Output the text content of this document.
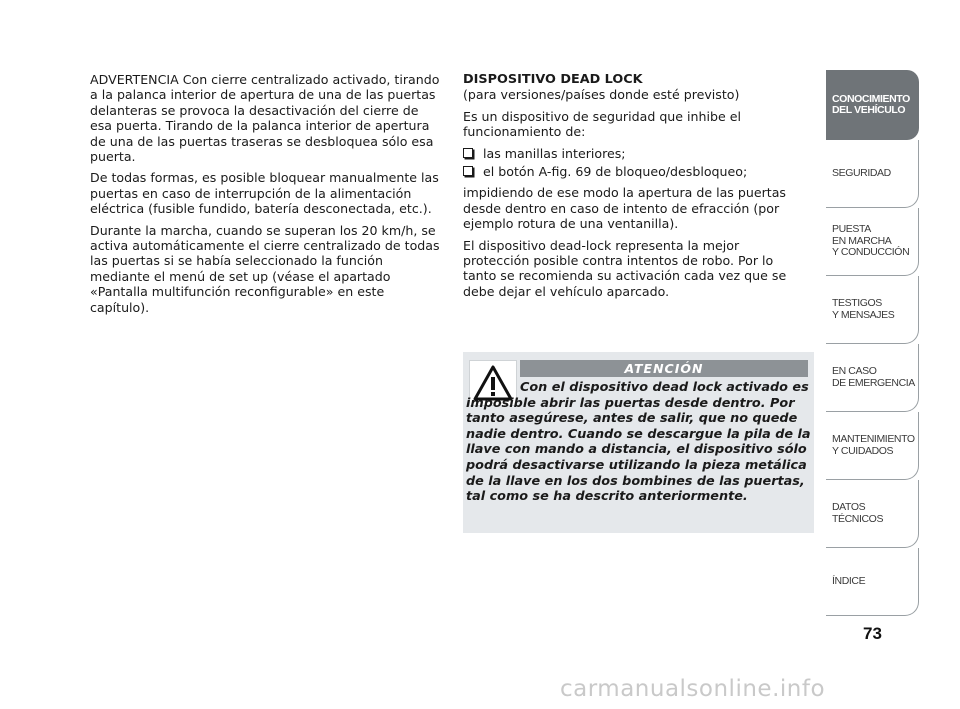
ADVERTENCIA Con cierre centralizado activado, tirando a la palanca interior de apertura de una de las puertas delanteras se provoca la desactivación del cierre de esa puerta. Tirando de la palanca interior de apertura de una de las puertas traseras se desbloquea sólo esa puerta.

De todas formas, es posible bloquear manualmente las puertas en caso de interrupción de la alimentación eléctrica (fusible fundido, batería desconectada, etc.).

Durante la marcha, cuando se superan los 20 km/h, se activa automáticamente el cierre centralizado de todas las puertas si se había seleccionado la función mediante el menú de set up (véase el apartado «Pantalla multifunción reconfigurable» en este capítulo).

DISPOSITIVO DEAD LOCK

(para versiones/países donde esté previsto)

Es un dispositivo de seguridad que inhibe el funcionamiento de:

las manillas interiores;
el botón A-fig. 69 de bloqueo/desbloqueo;

impidiendo de ese modo la apertura de las puertas desde dentro en caso de intento de efracción (por ejemplo rotura de una ventanilla).

El dispositivo dead-lock representa la mejor protección posible contra intentos de robo. Por lo tanto se recomienda su activación cada vez que se debe dejar el vehículo aparcado.

ATENCIÓN
Con el dispositivo dead lock activado es imposible abrir las puertas desde dentro. Por tanto asegúrese, antes de salir, que no quede nadie dentro. Cuando se descargue la pila de la llave con mando a distancia, el dispositivo sólo podrá desactivarse utilizando la pieza metálica de la llave en los dos bombines de las puertas, tal como se ha descrito anteriormente.
CONOCIMIENTO
DEL VEHÍCULO
SEGURIDAD
PUESTA
EN MARCHA
Y CONDUCCIÓN
TESTIGOS
Y MENSAJES
EN CASO
DE EMERGENCIA
MANTENIMIENTO
Y CUIDADOS
DATOS TÉCNICOS
ÍNDICE
73
carmanualsonline.info
